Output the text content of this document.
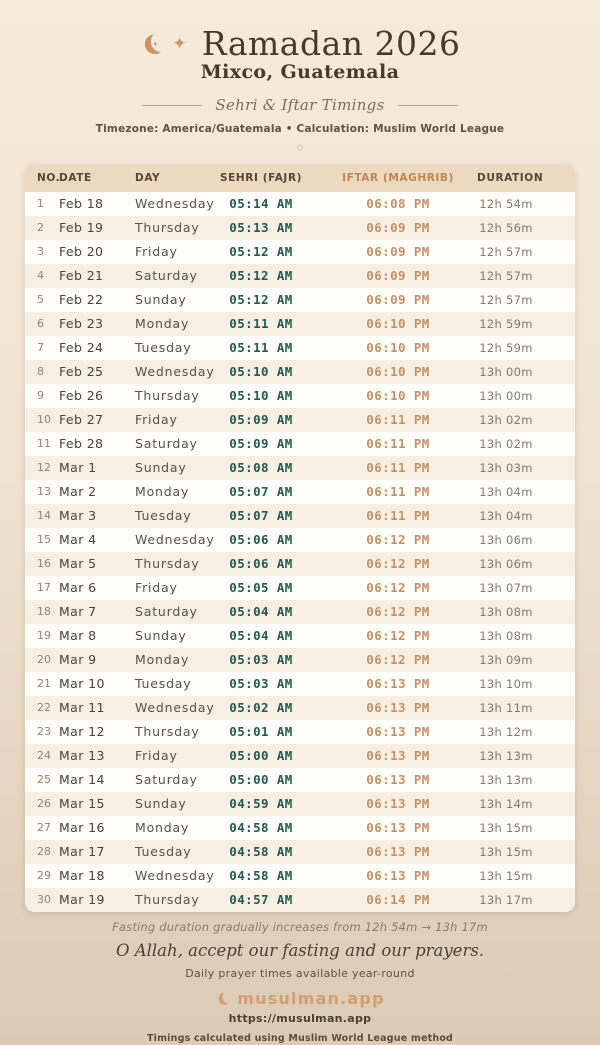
✦ Ramadan 2026
Mixco, Guatemala
Sehri & Iftar Timings
Timezone: America/Guatemala • Calculation: Muslim World League
◇
NO.
DATE	DAY	SEHRI (FAJR)	IFTAR (MAGHRIB)	DURATION
1	Feb 18	Wednesday	05:14 AM	06:08 PM	12h 54m
2	Feb 19	Thursday	05:13 AM	06:09 PM	12h 56m
3	Feb 20	Friday	05:12 AM	06:09 PM	12h 57m
4	Feb 21	Saturday	05:12 AM	06:09 PM	12h 57m
5	Feb 22	Sunday	05:12 AM	06:09 PM	12h 57m
6	Feb 23	Monday	05:11 AM	06:10 PM	12h 59m
7	Feb 24	Tuesday	05:11 AM	06:10 PM	12h 59m
8	Feb 25	Wednesday	05:10 AM	06:10 PM	13h 00m
9	Feb 26	Thursday	05:10 AM	06:10 PM	13h 00m
10 Feb 27	Friday	05:09 AM	06:11 PM	13h 02m
11 Feb 28	Saturday	05:09 AM	06:11 PM	13h 02m
12 Mar 1	Sunday	05:08 AM	06:11 PM	13h 03m
13 Mar 2	Monday	05:07 AM	06:11 PM	13h 04m
14 Mar 3	Tuesday	05:07 AM	06:11 PM	13h 04m
15 Mar 4	Wednesday	05:06 AM	06:12 PM	13h 06m
16 Mar 5	Thursday	05:06 AM	06:12 PM	13h 06m
17 Mar 6	Friday	05:05 AM	06:12 PM	13h 07m
18 Mar 7	Saturday	05:04 AM	06:12 PM	13h 08m
19 Mar 8	Sunday	05:04 AM	06:12 PM	13h 08m
20 Mar 9	Monday	05:03 AM	06:12 PM	13h 09m
21 Mar 10	Tuesday	05:03 AM	06:13 PM	13h 10m
22 Mar 11	Wednesday	05:02 AM	06:13 PM	13h 11m
23 Mar 12	Thursday	05:01 AM	06:13 PM	13h 12m
24 Mar 13	Friday	05:00 AM	06:13 PM	13h 13m
25 Mar 14	Saturday	05:00 AM	06:13 PM	13h 13m
26 Mar 15	Sunday	04:59 AM	06:13 PM	13h 14m
27 Mar 16	Monday	04:58 AM	06:13 PM	13h 15m
28 Mar 17	Tuesday	04:58 AM	06:13 PM	13h 15m
29 Mar 18	Wednesday	04:58 AM	06:13 PM	13h 15m
30 Mar 19	Thursday	04:57 AM	06:14 PM	13h 17m
Fasting duration gradually increases from 12h 54m → 13h 17m
O Allah, accept our fasting and our prayers.
Daily prayer times available year-round
musulman.app
https://musulman.app
Timings calculated using Muslim World League method
